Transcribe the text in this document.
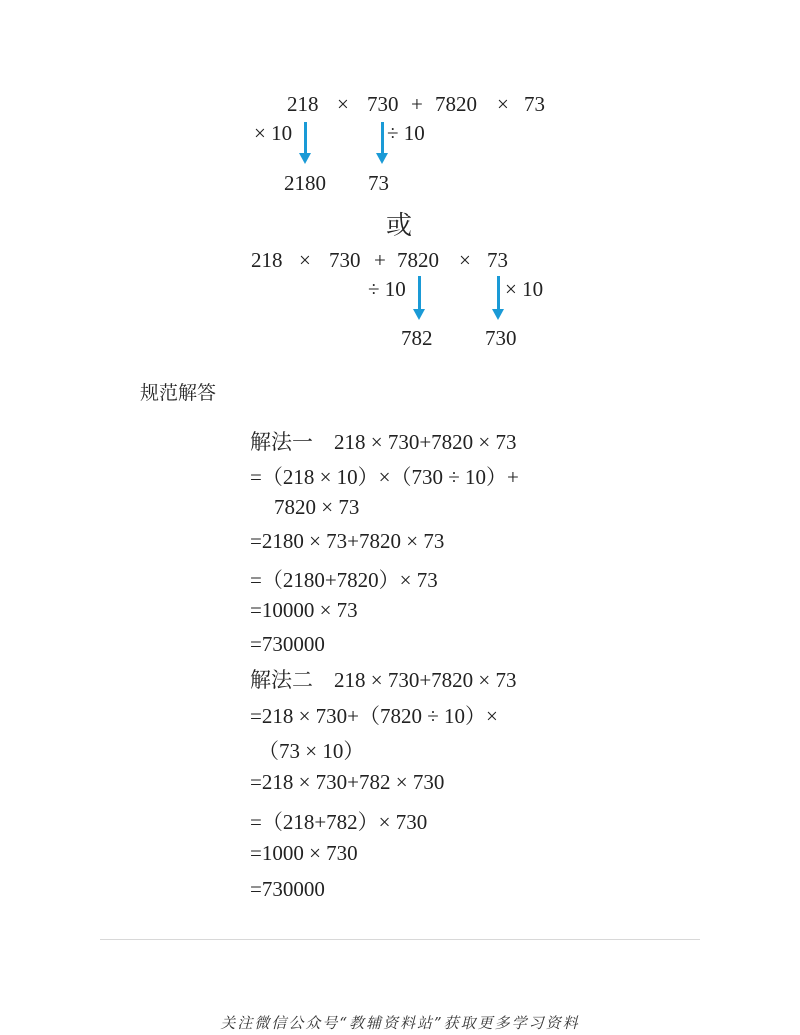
218 × 730 + 7820 × 73
× 10	÷ 10
2180 73
或
218 × 730 + 7820 × 73
÷ 10	× 10
782	730
规范解答
解法一　218 × 730+7820 × 73
=（218 × 10）×（730 ÷ 10）+
7820 × 73
=2180 × 73+7820 × 73
=（2180+7820）× 73
=10000 × 73
=730000
解法二　218 × 730+7820 × 73
=218 × 730+（7820 ÷ 10）×
（73 × 10）
=218 × 730+782 × 730
=（218+782）× 730
=1000 × 730
=730000
关注微信公众号“教辅资料站”获取更多学习资料
